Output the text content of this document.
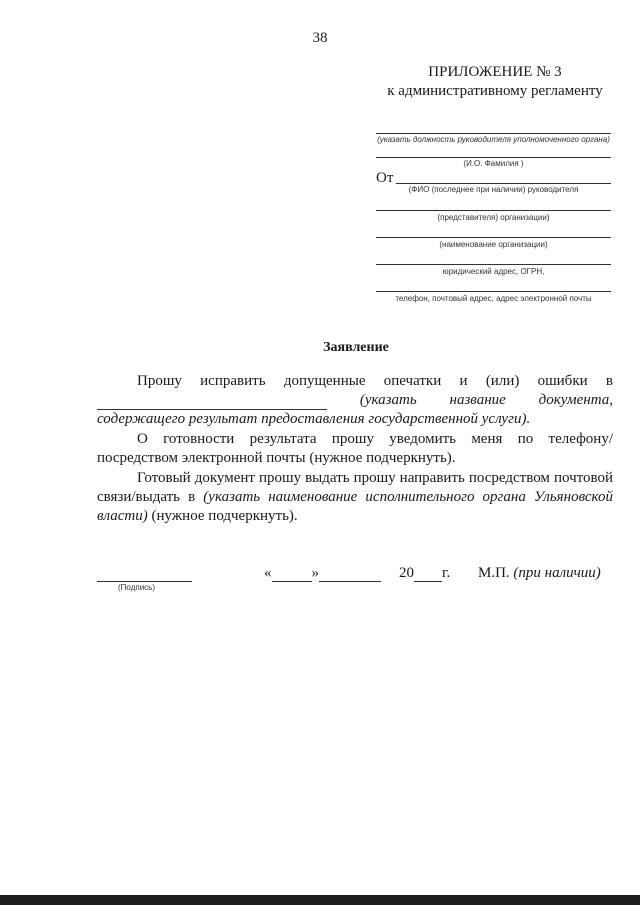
38
ПРИЛОЖЕНИЕ № 3
к административному регламенту
(указать должность руководителя уполномоченного органа)
(И.О. Фамилия )
От
(ФИО (последнее при наличии) руководителя
(представителя) организации)
(наименование организации)
юридический адрес, ОГРН,
телефон, почтовый адрес, адрес электронной почты
Заявление
Прошу исправить допущенные опечатки и (или) ошибки в
(указать название документа,
содержащего результат предоставления государственной услуги).
О готовности результата прошу уведомить меня по телефону/ посредством электронной почты (нужное подчеркнуть).
Готовый документ прошу выдать прошу направить посредством почтовой связи/выдать в (указать наименование исполнительного органа Ульяновской власти) (нужное подчеркнуть).
(Подпись)
«	»	20 г. М.П. (при наличии)
